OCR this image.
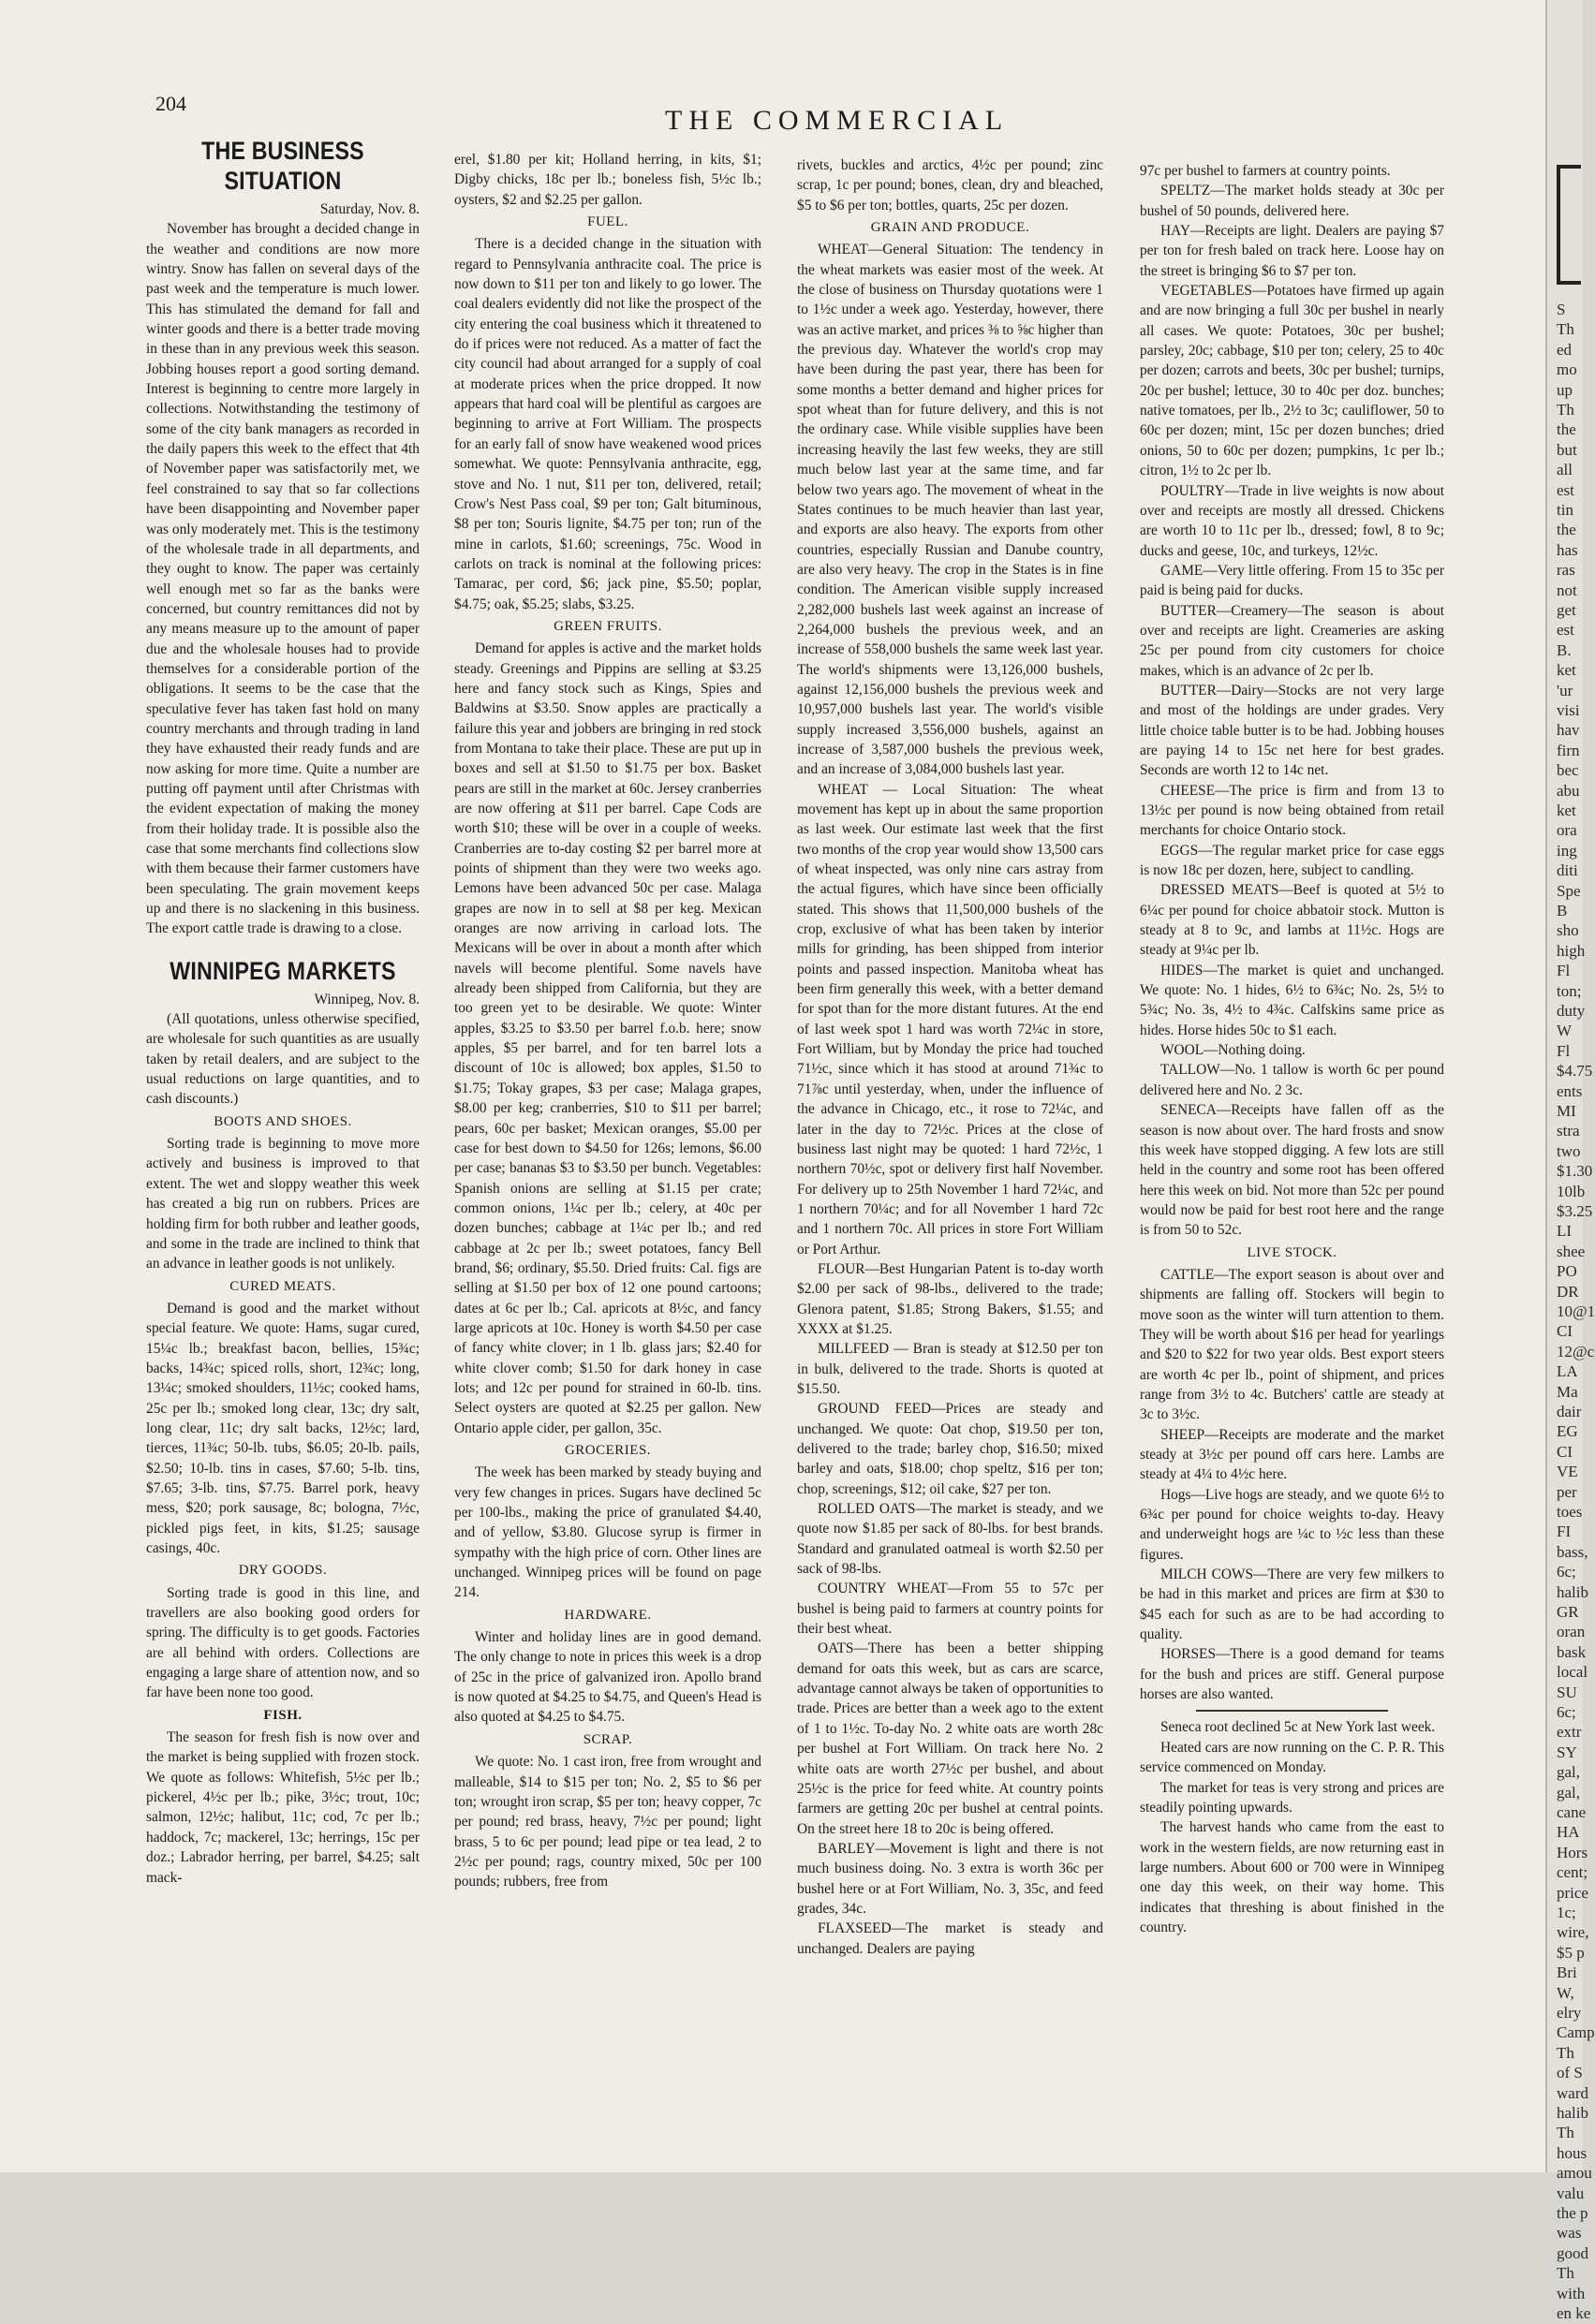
204
THE COMMERCIAL
THE BUSINESS SITUATION

Saturday, Nov. 8.

November has brought a decided change in the weather and conditions are now more wintry. Snow has fallen on several days of the past week and the temperature is much lower. This has stimulated the demand for fall and winter goods and there is a better trade moving in these than in any previous week this season. Jobbing houses report a good sorting demand. Interest is beginning to centre more largely in collections. Notwithstanding the testimony of some of the city bank managers as recorded in the daily papers this week to the effect that 4th of November paper was satisfactorily met, we feel constrained to say that so far collections have been disappointing and November paper was only moderately met. This is the testimony of the wholesale trade in all departments, and they ought to know. The paper was certainly well enough met so far as the banks were concerned, but country remittances did not by any means measure up to the amount of paper due and the wholesale houses had to provide themselves for a considerable portion of the obligations. It seems to be the case that the speculative fever has taken fast hold on many country merchants and through trading in land they have exhausted their ready funds and are now asking for more time. Quite a number are putting off payment until after Christmas with the evident expectation of making the money from their holiday trade. It is possible also the case that some merchants find collections slow with them because their farmer customers have been speculating. The grain movement keeps up and there is no slackening in this business. The export cattle trade is drawing to a close.

WINNIPEG MARKETS

Winnipeg, Nov. 8.

(All quotations, unless otherwise specified, are wholesale for such quantities as are usually taken by retail dealers, and are subject to the usual reductions on large quantities, and to cash discounts.)

BOOTS AND SHOES.

Sorting trade is beginning to move more actively and business is improved to that extent. The wet and sloppy weather this week has created a big run on rubbers. Prices are holding firm for both rubber and leather goods, and some in the trade are inclined to think that an advance in leather goods is not unlikely.

CURED MEATS.

Demand is good and the market without special feature. We quote: Hams, sugar cured, 15¼c lb.; breakfast bacon, bellies, 15¾c; backs, 14¾c; spiced rolls, short, 12¾c; long, 13¼c; smoked shoulders, 11½c; cooked hams, 25c per lb.; smoked long clear, 13c; dry salt, long clear, 11c; dry salt backs, 12½c; lard, tierces, 11¾c; 50-lb. tubs, $6.05; 20-lb. pails, $2.50; 10-lb. tins in cases, $7.60; 5-lb. tins, $7.65; 3-lb. tins, $7.75. Barrel pork, heavy mess, $20; pork sausage, 8c; bologna, 7½c, pickled pigs feet, in kits, $1.25; sausage casings, 40c.

DRY GOODS.

Sorting trade is good in this line, and travellers are also booking good orders for spring. The difficulty is to get goods. Factories are all behind with orders. Collections are engaging a large share of attention now, and so far have been none too good.

FISH.

The season for fresh fish is now over and the market is being supplied with frozen stock. We quote as follows: Whitefish, 5½c per lb.; pickerel, 4½c per lb.; pike, 3½c; trout, 10c; salmon, 12½c; halibut, 11c; cod, 7c per lb.; haddock, 7c; mackerel, 13c; herrings, 15c per doz.; Labrador herring, per barrel, $4.25; salt mack-

erel, $1.80 per kit; Holland herring, in kits, $1; Digby chicks, 18c per lb.; boneless fish, 5½c lb.; oysters, $2 and $2.25 per gallon.

FUEL.

There is a decided change in the situation with regard to Pennsylvania anthracite coal. The price is now down to $11 per ton and likely to go lower. The coal dealers evidently did not like the prospect of the city entering the coal business which it threatened to do if prices were not reduced. As a matter of fact the city council had about arranged for a supply of coal at moderate prices when the price dropped. It now appears that hard coal will be plentiful as cargoes are beginning to arrive at Fort William. The prospects for an early fall of snow have weakened wood prices somewhat. We quote: Pennsylvania anthracite, egg, stove and No. 1 nut, $11 per ton, delivered, retail; Crow's Nest Pass coal, $9 per ton; Galt bituminous, $8 per ton; Souris lignite, $4.75 per ton; run of the mine in carlots, $1.60; screenings, 75c. Wood in carlots on track is nominal at the following prices: Tamarac, per cord, $6; jack pine, $5.50; poplar, $4.75; oak, $5.25; slabs, $3.25.

GREEN FRUITS.

Demand for apples is active and the market holds steady. Greenings and Pippins are selling at $3.25 here and fancy stock such as Kings, Spies and Baldwins at $3.50. Snow apples are practically a failure this year and jobbers are bringing in red stock from Montana to take their place. These are put up in boxes and sell at $1.50 to $1.75 per box. Basket pears are still in the market at 60c. Jersey cranberries are now offering at $11 per barrel. Cape Cods are worth $10; these will be over in a couple of weeks. Cranberries are to-day costing $2 per barrel more at points of shipment than they were two weeks ago. Lemons have been advanced 50c per case. Malaga grapes are now in to sell at $8 per keg. Mexican oranges are now arriving in carload lots. The Mexicans will be over in about a month after which navels will become plentiful. Some navels have already been shipped from California, but they are too green yet to be desirable. We quote: Winter apples, $3.25 to $3.50 per barrel f.o.b. here; snow apples, $5 per barrel, and for ten barrel lots a discount of 10c is allowed; box apples, $1.50 to $1.75; Tokay grapes, $3 per case; Malaga grapes, $8.00 per keg; cranberries, $10 to $11 per barrel; pears, 60c per basket; Mexican oranges, $5.00 per case for best down to $4.50 for 126s; lemons, $6.00 per case; bananas $3 to $3.50 per bunch. Vegetables: Spanish onions are selling at $1.15 per crate; common onions, 1¼c per lb.; celery, at 40c per dozen bunches; cabbage at 1¼c per lb.; and red cabbage at 2c per lb.; sweet potatoes, fancy Bell brand, $6; ordinary, $5.50. Dried fruits: Cal. figs are selling at $1.50 per box of 12 one pound cartoons; dates at 6c per lb.; Cal. apricots at 8½c, and fancy large apricots at 10c. Honey is worth $4.50 per case of fancy white clover; in 1 lb. glass jars; $2.40 for white clover comb; $1.50 for dark honey in case lots; and 12c per pound for strained in 60-lb. tins. Select oysters are quoted at $2.25 per gallon. New Ontario apple cider, per gallon, 35c.

GROCERIES.

The week has been marked by steady buying and very few changes in prices. Sugars have declined 5c per 100-lbs., making the price of granulated $4.40, and of yellow, $3.80. Glucose syrup is firmer in sympathy with the high price of corn. Other lines are unchanged. Winnipeg prices will be found on page 214.

HARDWARE.

Winter and holiday lines are in good demand. The only change to note in prices this week is a drop of 25c in the price of galvanized iron. Apollo brand is now quoted at $4.25 to $4.75, and Queen's Head is also quoted at $4.25 to $4.75.

SCRAP.

We quote: No. 1 cast iron, free from wrought and malleable, $14 to $15 per ton; No. 2, $5 to $6 per ton; wrought iron scrap, $5 per ton; heavy copper, 7c per pound; red brass, heavy, 7½c per pound; light brass, 5 to 6c per pound; lead pipe or tea lead, 2 to 2½c per pound; rags, country mixed, 50c per 100 pounds; rubbers, free from

rivets, buckles and arctics, 4½c per pound; zinc scrap, 1c per pound; bones, clean, dry and bleached, $5 to $6 per ton; bottles, quarts, 25c per dozen.

GRAIN AND PRODUCE.

WHEAT—General Situation: The tendency in the wheat markets was easier most of the week. At the close of business on Thursday quotations were 1 to 1½c under a week ago. Yesterday, however, there was an active market, and prices ⅜ to ⅝c higher than the previous day. Whatever the world's crop may have been during the past year, there has been for some months a better demand and higher prices for spot wheat than for future delivery, and this is not the ordinary case. While visible supplies have been increasing heavily the last few weeks, they are still much below last year at the same time, and far below two years ago. The movement of wheat in the States continues to be much heavier than last year, and exports are also heavy. The exports from other countries, especially Russian and Danube country, are also very heavy. The crop in the States is in fine condition. The American visible supply increased 2,282,000 bushels last week against an increase of 2,264,000 bushels the previous week, and an increase of 558,000 bushels the same week last year. The world's shipments were 13,126,000 bushels, against 12,156,000 bushels the previous week and 10,957,000 bushels last year. The world's visible supply increased 3,556,000 bushels, against an increase of 3,587,000 bushels the previous week, and an increase of 3,084,000 bushels last year.

WHEAT — Local Situation: The wheat movement has kept up in about the same proportion as last week. Our estimate last week that the first two months of the crop year would show 13,500 cars of wheat inspected, was only nine cars astray from the actual figures, which have since been officially stated. This shows that 11,500,000 bushels of the crop, exclusive of what has been taken by interior mills for grinding, has been shipped from interior points and passed inspection. Manitoba wheat has been firm generally this week, with a better demand for spot than for the more distant futures. At the end of last week spot 1 hard was worth 72¼c in store, Fort William, but by Monday the price had touched 71½c, since which it has stood at around 71¾c to 71⅞c until yesterday, when, under the influence of the advance in Chicago, etc., it rose to 72¼c, and later in the day to 72½c. Prices at the close of business last night may be quoted: 1 hard 72½c, 1 northern 70½c, spot or delivery first half November. For delivery up to 25th November 1 hard 72¼c, and 1 northern 70¼c; and for all November 1 hard 72c and 1 northern 70c. All prices in store Fort William or Port Arthur.

FLOUR—Best Hungarian Patent is to-day worth $2.00 per sack of 98-lbs., delivered to the trade; Glenora patent, $1.85; Strong Bakers, $1.55; and XXXX at $1.25.

MILLFEED — Bran is steady at $12.50 per ton in bulk, delivered to the trade. Shorts is quoted at $15.50.

GROUND FEED—Prices are steady and unchanged. We quote: Oat chop, $19.50 per ton, delivered to the trade; barley chop, $16.50; mixed barley and oats, $18.00; chop speltz, $16 per ton; chop, screenings, $12; oil cake, $27 per ton.

ROLLED OATS—The market is steady, and we quote now $1.85 per sack of 80-lbs. for best brands. Standard and granulated oatmeal is worth $2.50 per sack of 98-lbs.

COUNTRY WHEAT—From 55 to 57c per bushel is being paid to farmers at country points for their best wheat.

OATS—There has been a better shipping demand for oats this week, but as cars are scarce, advantage cannot always be taken of opportunities to trade. Prices are better than a week ago to the extent of 1 to 1½c. To-day No. 2 white oats are worth 28c per bushel at Fort William. On track here No. 2 white oats are worth 27½c per bushel, and about 25½c is the price for feed white. At country points farmers are getting 20c per bushel at central points. On the street here 18 to 20c is being offered.

BARLEY—Movement is light and there is not much business doing. No. 3 extra is worth 36c per bushel here or at Fort William, No. 3, 35c, and feed grades, 34c.

FLAXSEED—The market is steady and unchanged. Dealers are paying

97c per bushel to farmers at country points.

SPELTZ—The market holds steady at 30c per bushel of 50 pounds, delivered here.

HAY—Receipts are light. Dealers are paying $7 per ton for fresh baled on track here. Loose hay on the street is bringing $6 to $7 per ton.

VEGETABLES—Potatoes have firmed up again and are now bringing a full 30c per bushel in nearly all cases. We quote: Potatoes, 30c per bushel; parsley, 20c; cabbage, $10 per ton; celery, 25 to 40c per dozen; carrots and beets, 30c per bushel; turnips, 20c per bushel; lettuce, 30 to 40c per doz. bunches; native tomatoes, per lb., 2½ to 3c; cauliflower, 50 to 60c per dozen; mint, 15c per dozen bunches; dried onions, 50 to 60c per dozen; pumpkins, 1c per lb.; citron, 1½ to 2c per lb.

POULTRY—Trade in live weights is now about over and receipts are mostly all dressed. Chickens are worth 10 to 11c per lb., dressed; fowl, 8 to 9c; ducks and geese, 10c, and turkeys, 12½c.

GAME—Very little offering. From 15 to 35c per paid is being paid for ducks.

BUTTER—Creamery—The season is about over and receipts are light. Creameries are asking 25c per pound from city customers for choice makes, which is an advance of 2c per lb.

BUTTER—Dairy—Stocks are not very large and most of the holdings are under grades. Very little choice table butter is to be had. Jobbing houses are paying 14 to 15c net here for best grades. Seconds are worth 12 to 14c net.

CHEESE—The price is firm and from 13 to 13½c per pound is now being obtained from retail merchants for choice Ontario stock.

EGGS—The regular market price for case eggs is now 18c per dozen, here, subject to candling.

DRESSED MEATS—Beef is quoted at 5½ to 6¼c per pound for choice abbatoir stock. Mutton is steady at 8 to 9c, and lambs at 11½c. Hogs are steady at 9¼c per lb.

HIDES—The market is quiet and unchanged. We quote: No. 1 hides, 6½ to 6¾c; No. 2s, 5½ to 5¾c; No. 3s, 4½ to 4¾c. Calfskins same price as hides. Horse hides 50c to $1 each.

WOOL—Nothing doing.

TALLOW—No. 1 tallow is worth 6c per pound delivered here and No. 2 3c.

SENECA—Receipts have fallen off as the season is now about over. The hard frosts and snow this week have stopped digging. A few lots are still held in the country and some root has been offered here this week on bid. Not more than 52c per pound would now be paid for best root here and the range is from 50 to 52c.

LIVE STOCK.

CATTLE—The export season is about over and shipments are falling off. Stockers will begin to move soon as the winter will turn attention to them. They will be worth about $16 per head for yearlings and $20 to $22 for two year olds. Best export steers are worth 4c per lb., point of shipment, and prices range from 3½ to 4c. Butchers' cattle are steady at 3c to 3½c.

SHEEP—Receipts are moderate and the market steady at 3½c per pound off cars here. Lambs are steady at 4¼ to 4½c here.

Hogs—Live hogs are steady, and we quote 6½ to 6¾c per pound for choice weights to-day. Heavy and underweight hogs are ¼c to ½c less than these figures.

MILCH COWS—There are very few milkers to be had in this market and prices are firm at $30 to $45 each for such as are to be had according to quality.

HORSES—There is a good demand for teams for the bush and prices are stiff. General purpose horses are also wanted.

Seneca root declined 5c at New York last week.

Heated cars are now running on the C. P. R. This service commenced on Monday.

The market for teas is very strong and prices are steadily pointing upwards.

The harvest hands who came from the east to work in the western fields, are now returning east in large numbers. About 600 or 700 were in Winnipeg one day this week, on their way home. This indicates that threshing is about finished in the country.

S
Th
ed
mo
up
Th
the
but
all
est
tin
the
has
ras
not
get
est
B.
ket
'ur
visi
hav
firn
bec
abu
ket
ora
ing
diti
Spe
B
sho
high
Fl
ton;
duty
W
Fl
$4.75
ents
MI
stra
two
$1.30
10lb
$3.25
LI
shee
PO
DR
10@1
CI
12@c
LA
Ma
dair
EG
CI
VE
per
toes
FI
bass,
6c;
halib
GR
oran
bask
local
SU
6c;
extr
SY
gal,
gal,
cane
HA
Hors
cent;
price
1c;
wire,
$5 p
Bri
W,
elry
Camp
Th
of S
ward
halib
Th
hous
amou
valu
the p
was
good
Th
with
en ke
